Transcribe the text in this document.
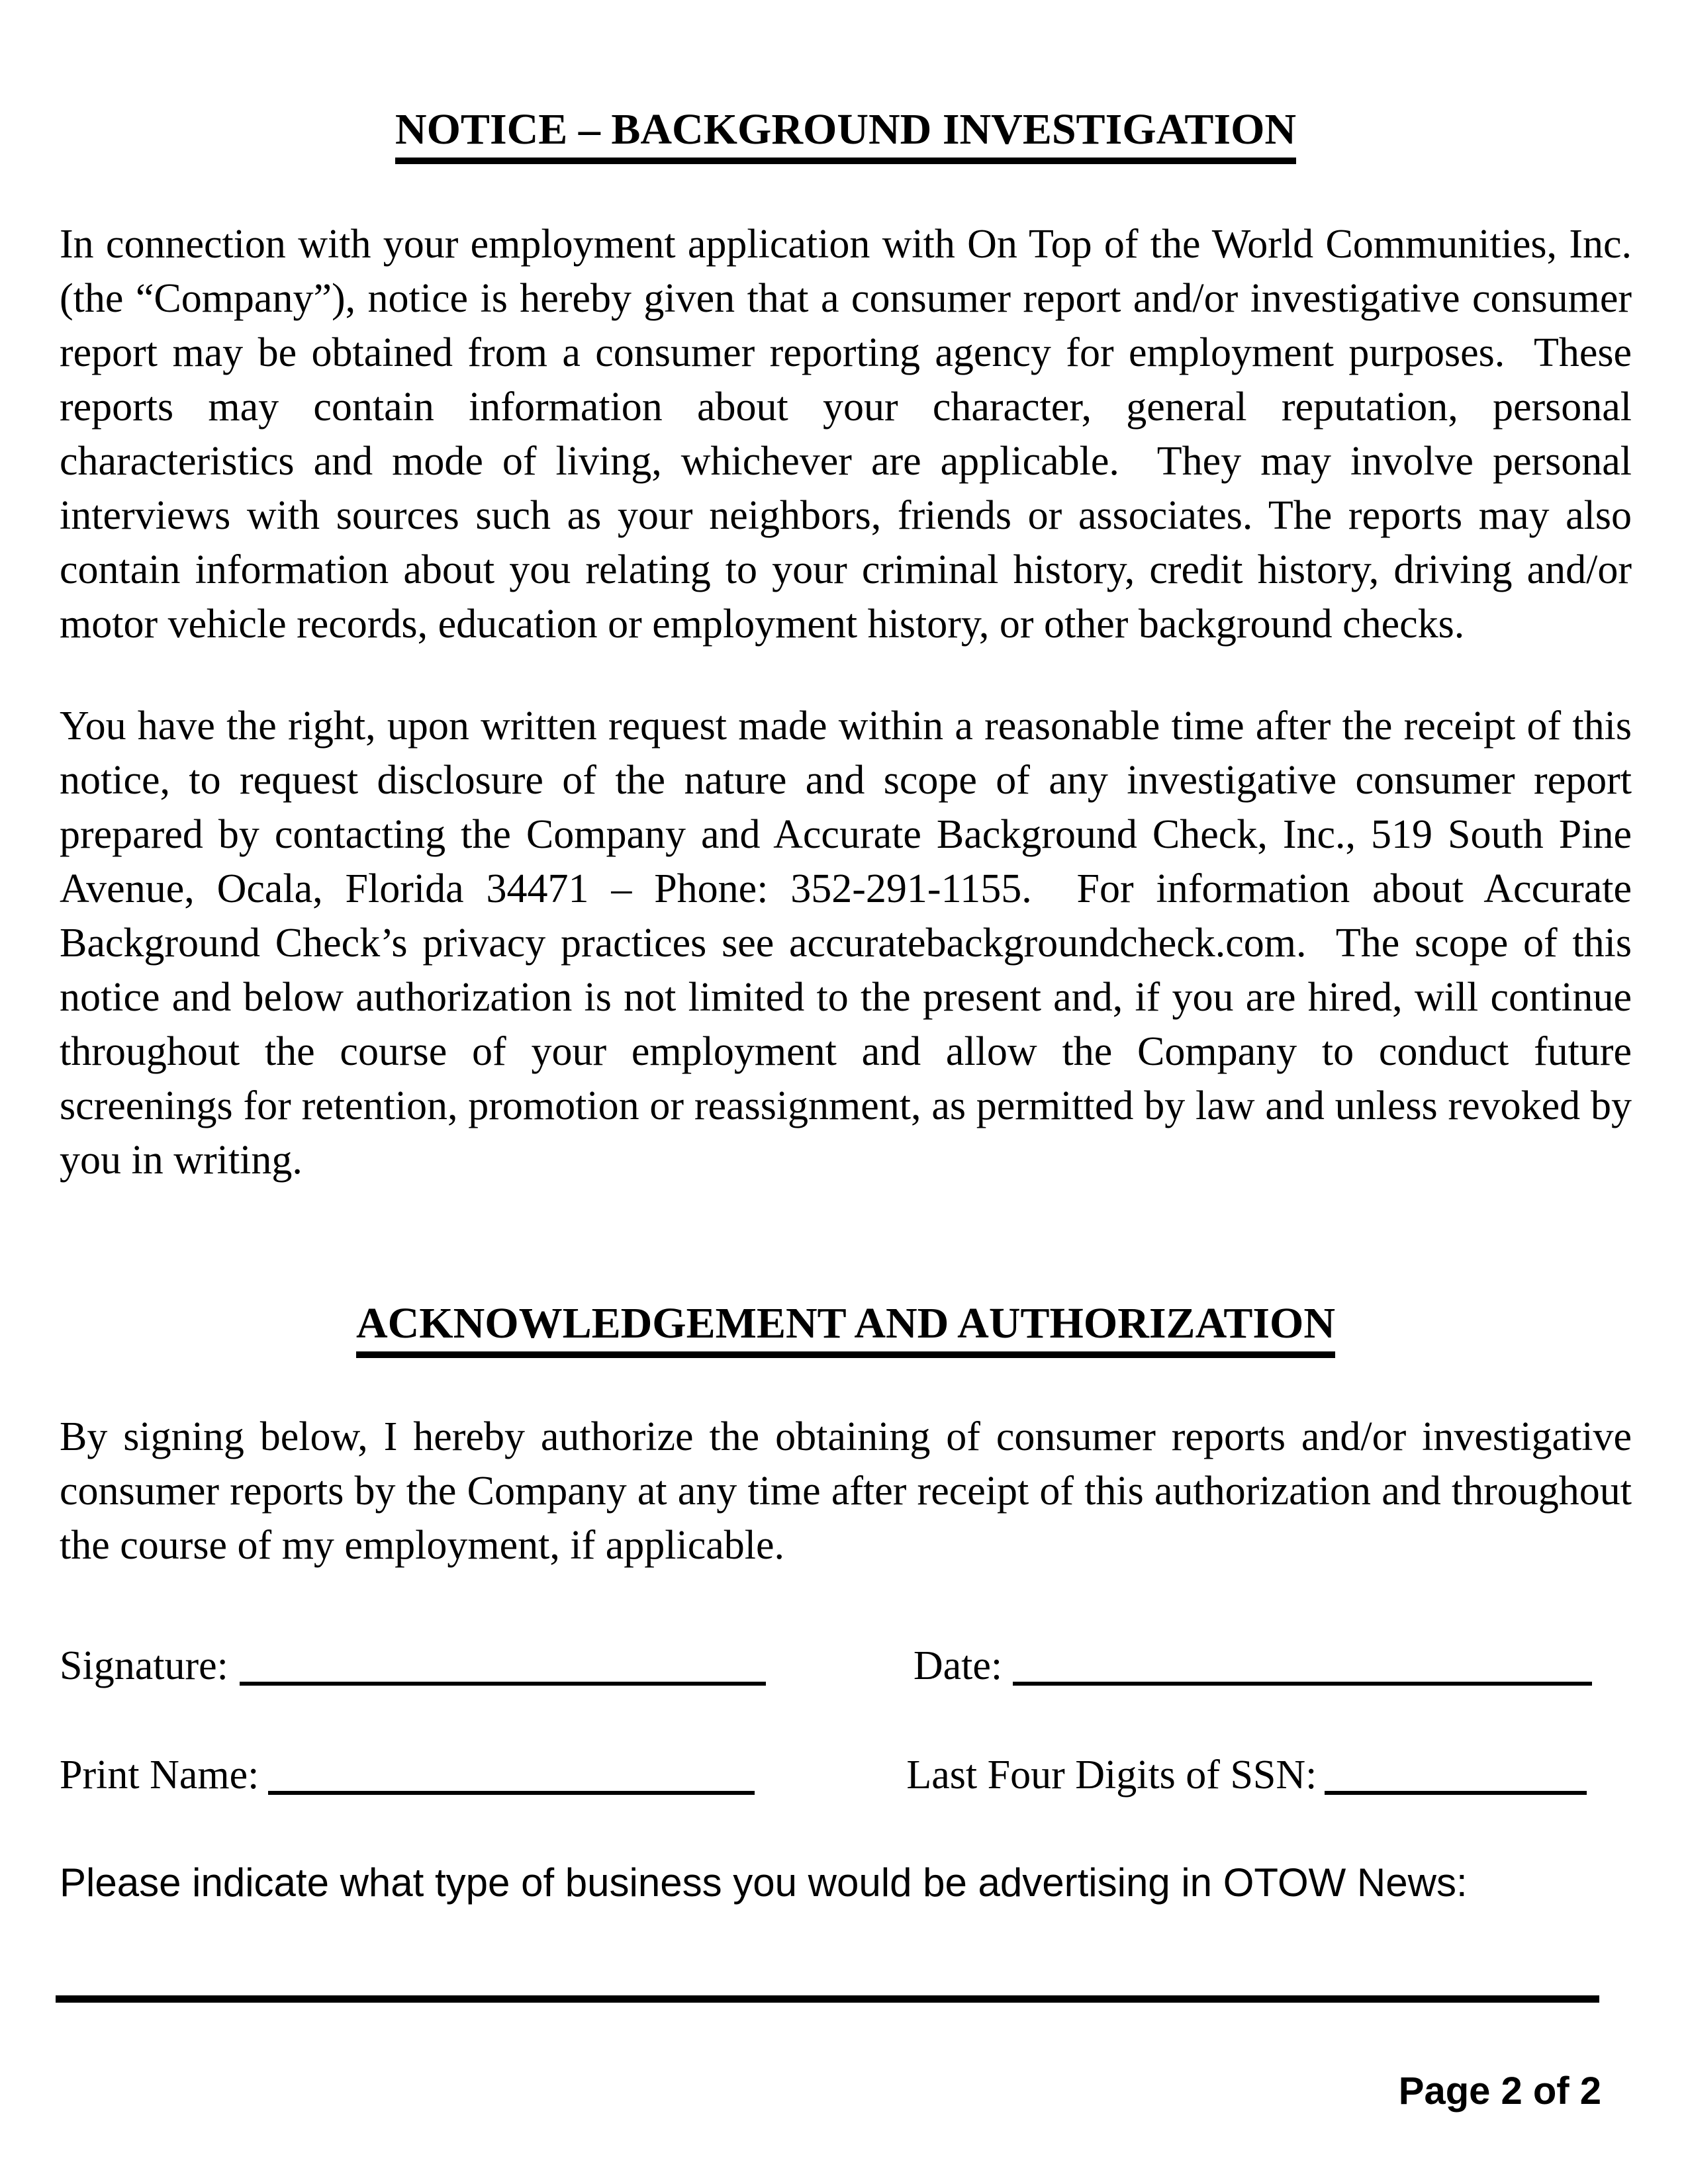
NOTICE – BACKGROUND INVESTIGATION

In connection with your employment application with On Top of the World Communities, Inc. (the “Company”), notice is hereby given that a consumer report and/or investigative consumer report may be obtained from a consumer reporting agency for employment purposes.  These reports may contain information about your character, general reputation, personal characteristics and mode of living, whichever are applicable.  They may involve personal interviews with sources such as your neighbors, friends or associates. The reports may also contain information about you relating to your criminal history, credit history, driving and/or motor vehicle records, education or employment history, or other background checks.

You have the right, upon written request made within a reasonable time after the receipt of this notice, to request disclosure of the nature and scope of any investigative consumer report prepared by contacting the Company and Accurate Background Check, Inc., 519 South Pine Avenue, Ocala, Florida 34471 – Phone: 352-291-1155.  For information about Accurate Background Check’s privacy practices see accuratebackgroundcheck.com.  The scope of this notice and below authorization is not limited to the present and, if you are hired, will continue throughout the course of your employment and allow the Company to conduct future screenings for retention, promotion or reassignment, as permitted by law and unless revoked by you in writing.

ACKNOWLEDGEMENT AND AUTHORIZATION

By signing below, I hereby authorize the obtaining of consumer reports and/or investigative consumer reports by the Company at any time after receipt of this authorization and throughout the course of my employment, if applicable.

Signature:	Date:
Print Name:	Last Four Digits of SSN:

Please indicate what type of business you would be advertising in OTOW News:

Page 2 of 2
